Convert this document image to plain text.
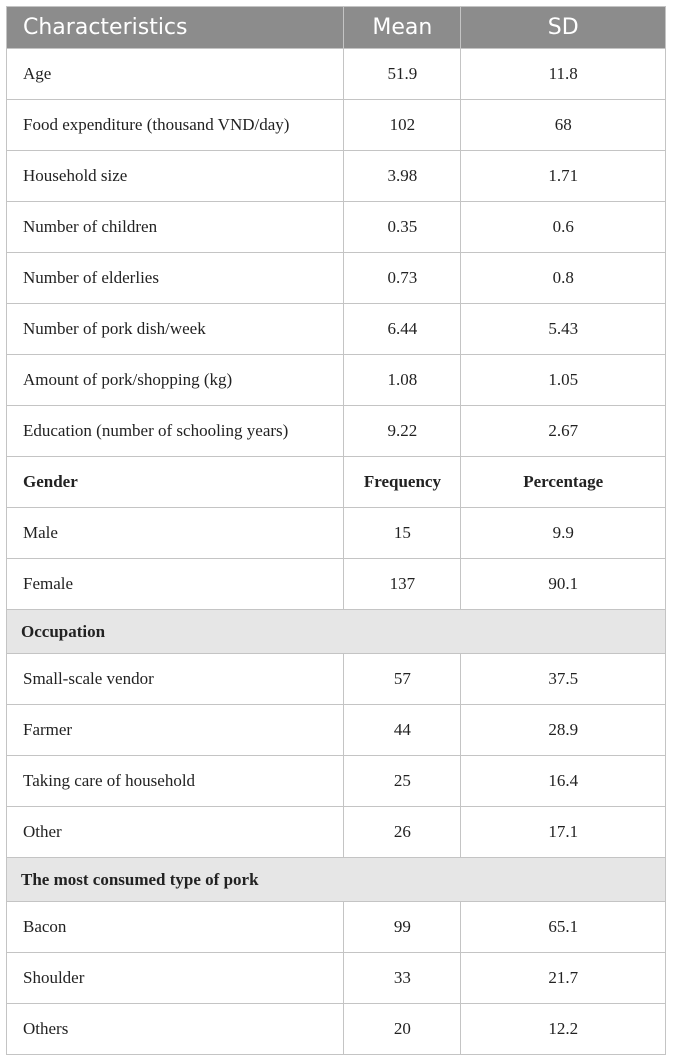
Characteristics	Mean	SD
Age	51.9	11.8
Food expenditure (thousand VND/day)	102	68
Household size	3.98	1.71
Number of children	0.35	0.6
Number of elderlies	0.73	0.8
Number of pork dish/week	6.44	5.43
Amount of pork/shopping (kg)	1.08	1.05
Education (number of schooling years)	9.22	2.67
Gender	Frequency	Percentage
Male	15	9.9
Female	137	90.1
Occupation		
Small-scale vendor	57	37.5
Farmer	44	28.9
Taking care of household	25	16.4
Other	26	17.1
The most consumed type of pork		
Bacon	99	65.1
Shoulder	33	21.7
Others	20	12.2
